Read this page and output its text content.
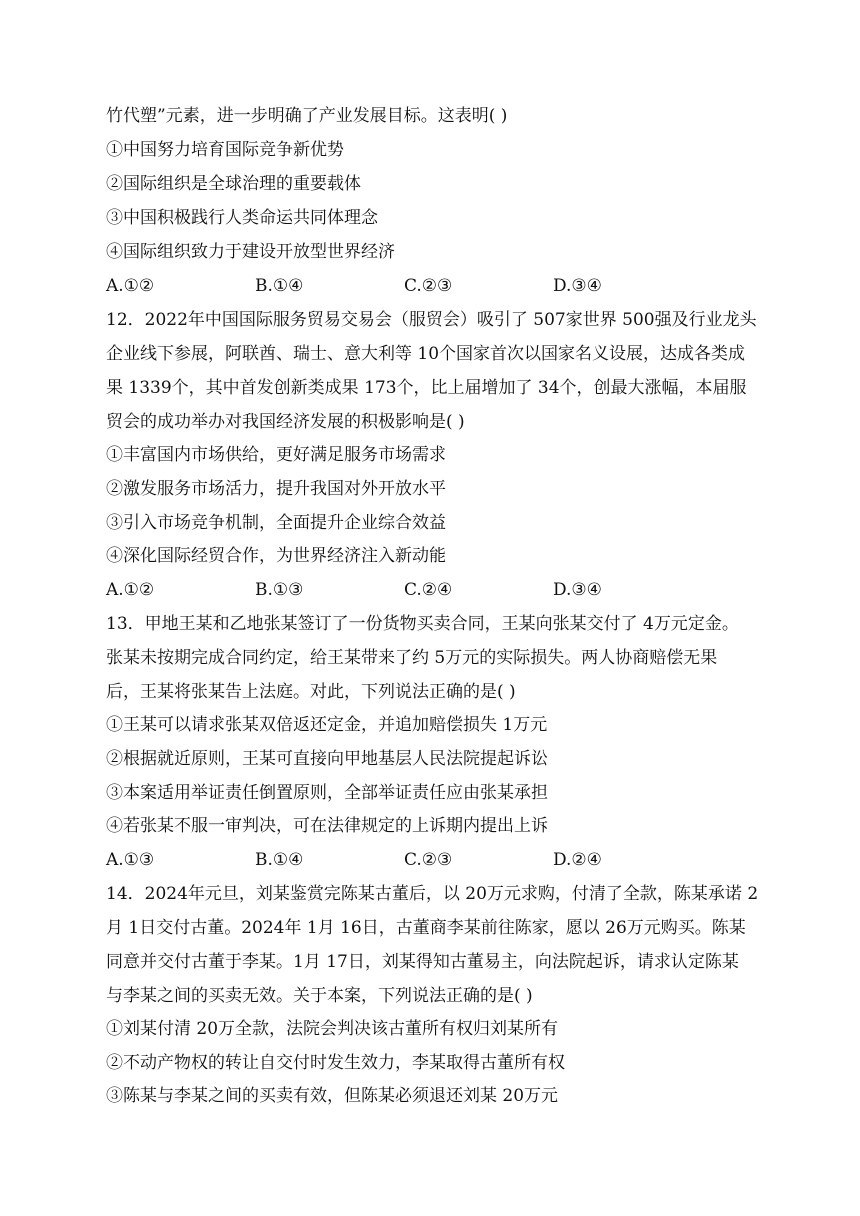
竹代塑”元素，进一步明确了产业发展目标。这表明( )
①中国努力培育国际竞争新优势
②国际组织是全球治理的重要载体
③中国积极践行人类命运共同体理念
④国际组织致力于建设开放型世界经济
A.①②	B.①④	C.②③	D.③④
12．2022年中国国际服务贸易交易会（服贸会）吸引了 507家世界 500强及行业龙头
企业线下参展，阿联酋、瑞士、意大利等 10个国家首次以国家名义设展，达成各类成
果 1339个，其中首发创新类成果 173个，比上届增加了 34个，创最大涨幅，本届服
贸会的成功举办对我国经济发展的积极影响是( )
①丰富国内市场供给，更好满足服务市场需求
②激发服务市场活力，提升我国对外开放水平
③引入市场竞争机制，全面提升企业综合效益
④深化国际经贸合作，为世界经济注入新动能
A.①②	B.①③	C.②④	D.③④
13．甲地王某和乙地张某签订了一份货物买卖合同，王某向张某交付了 4万元定金。
张某未按期完成合同约定，给王某带来了约 5万元的实际损失。两人协商赔偿无果
后，王某将张某告上法庭。对此，下列说法正确的是( )
①王某可以请求张某双倍返还定金，并追加赔偿损失 1万元
②根据就近原则，王某可直接向甲地基层人民法院提起诉讼
③本案适用举证责任倒置原则，全部举证责任应由张某承担
④若张某不服一审判决，可在法律规定的上诉期内提出上诉
A.①③	B.①④	C.②③	D.②④
14．2024年元旦，刘某鉴赏完陈某古董后，以 20万元求购，付清了全款，陈某承诺 2
月 1日交付古董。2024年 1月 16日，古董商李某前往陈家，愿以 26万元购买。陈某
同意并交付古董于李某。1月 17日，刘某得知古董易主，向法院起诉，请求认定陈某
与李某之间的买卖无效。关于本案，下列说法正确的是( )
①刘某付清 20万全款，法院会判决该古董所有权归刘某所有
②不动产物权的转让自交付时发生效力，李某取得古董所有权
③陈某与李某之间的买卖有效，但陈某必须退还刘某 20万元
